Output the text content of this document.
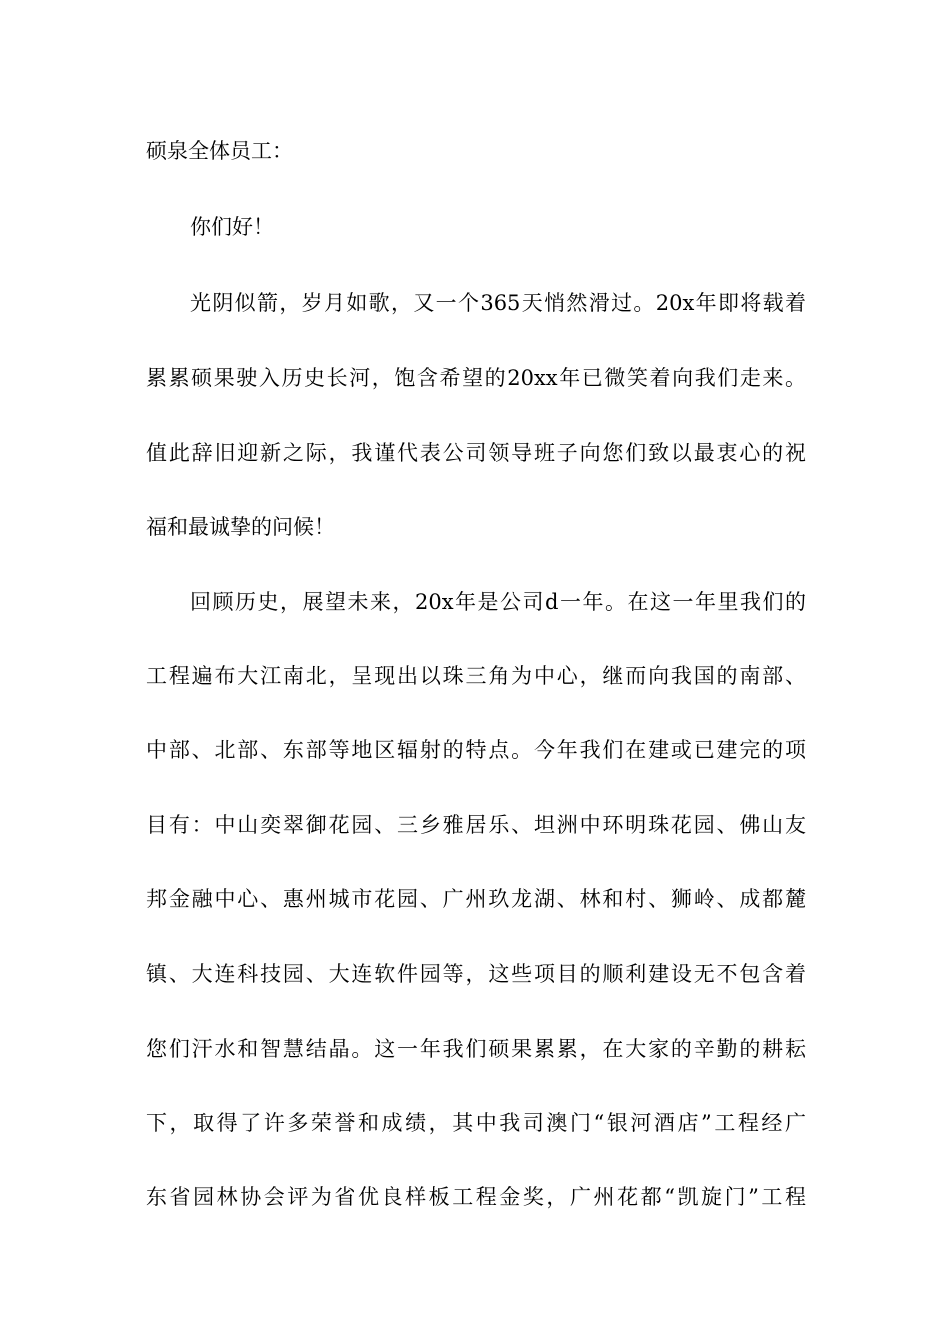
硕泉全体员工：
你们好！
光阴似箭，岁月如歌，又一个365天悄然滑过。20x年即将载着
累累硕果驶入历史长河，饱含希望的20xx年已微笑着向我们走来。
值此辞旧迎新之际，我谨代表公司领导班子向您们致以最衷心的祝
福和最诚挚的问候！
回顾历史，展望未来，20x年是公司d一年。在这一年里我们的
工程遍布大江南北，呈现出以珠三角为中心，继而向我国的南部、
中部、北部、东部等地区辐射的特点。今年我们在建或已建完的项
目有：中山奕翠御花园、三乡雅居乐、坦洲中环明珠花园、佛山友
邦金融中心、惠州城市花园、广州玖龙湖、林和村、狮岭、成都麓
镇、大连科技园、大连软件园等，这些项目的顺利建设无不包含着
您们汗水和智慧结晶。这一年我们硕果累累，在大家的辛勤的耕耘
下，取得了许多荣誉和成绩，其中我司澳门“银河酒店”工程经广
东省园林协会评为省优良样板工程金奖，广州花都“凯旋门”工程
